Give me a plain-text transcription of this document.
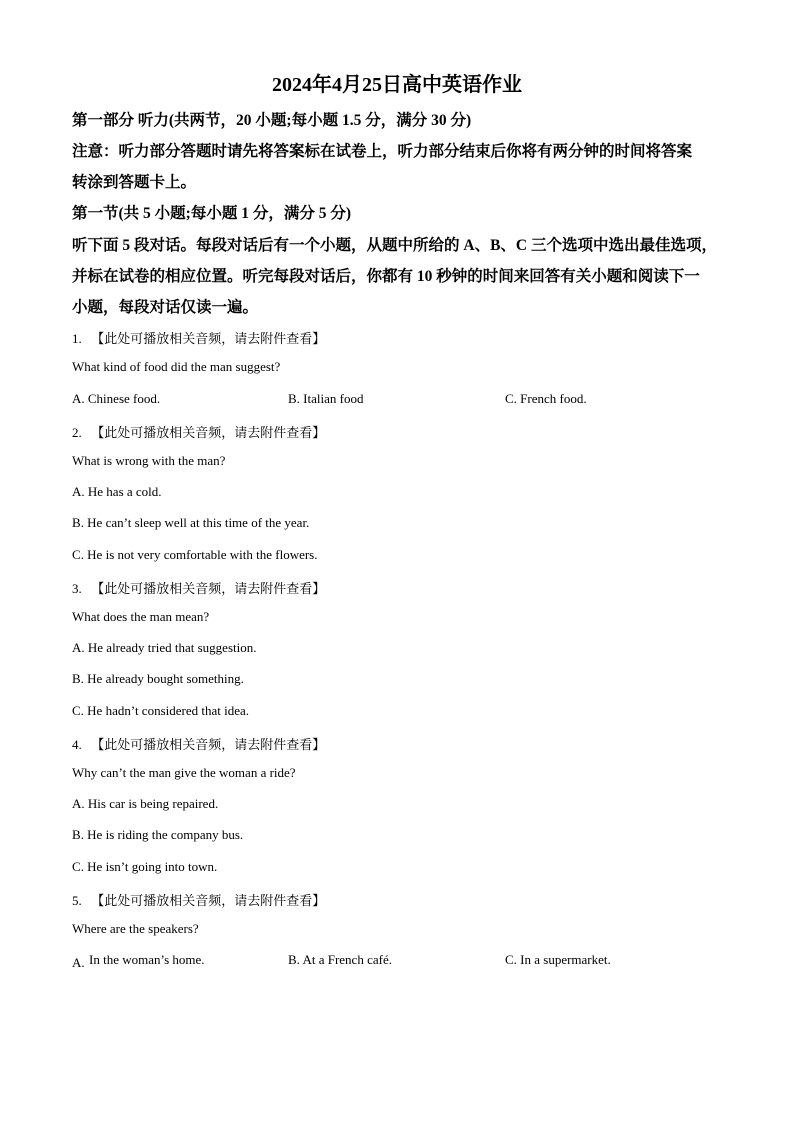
2024年4月25日高中英语作业
第一部分 听力(共两节，20 小题;每小题 1.5 分，满分 30 分)
注意：听力部分答题时请先将答案标在试卷上，听力部分结束后你将有两分钟的时间将答案
转涂到答题卡上。
第一节(共 5 小题;每小题 1 分，满分 5 分)
听下面 5 段对话。每段对话后有一个小题，从题中所给的 A、B、C 三个选项中选出最佳选项，
并标在试卷的相应位置。听完每段对话后，你都有 10 秒钟的时间来回答有关小题和阅读下一
小题，每段对话仅读一遍。
1. 【此处可播放相关音频，请去附件查看】
What kind of food did the man suggest?
A. Chinese food.	B. Italian food	C. French food.
2. 【此处可播放相关音频，请去附件查看】
What is wrong with the man?
A. He has a cold.
B. He can’t sleep well at this time of the year.
C. He is not very comfortable with the flowers.
3. 【此处可播放相关音频，请去附件查看】
What does the man mean?
A. He already tried that suggestion.
B. He already bought something.
C. He hadn’t considered that idea.
4. 【此处可播放相关音频，请去附件查看】
Why can’t the man give the woman a ride?
A. His car is being repaired.
B. He is riding the company bus.
C. He isn’t going into town.
5. 【此处可播放相关音频，请去附件查看】
Where are the speakers?
A. In the woman’s home.	B. At a French café.	C. In a supermarket.
